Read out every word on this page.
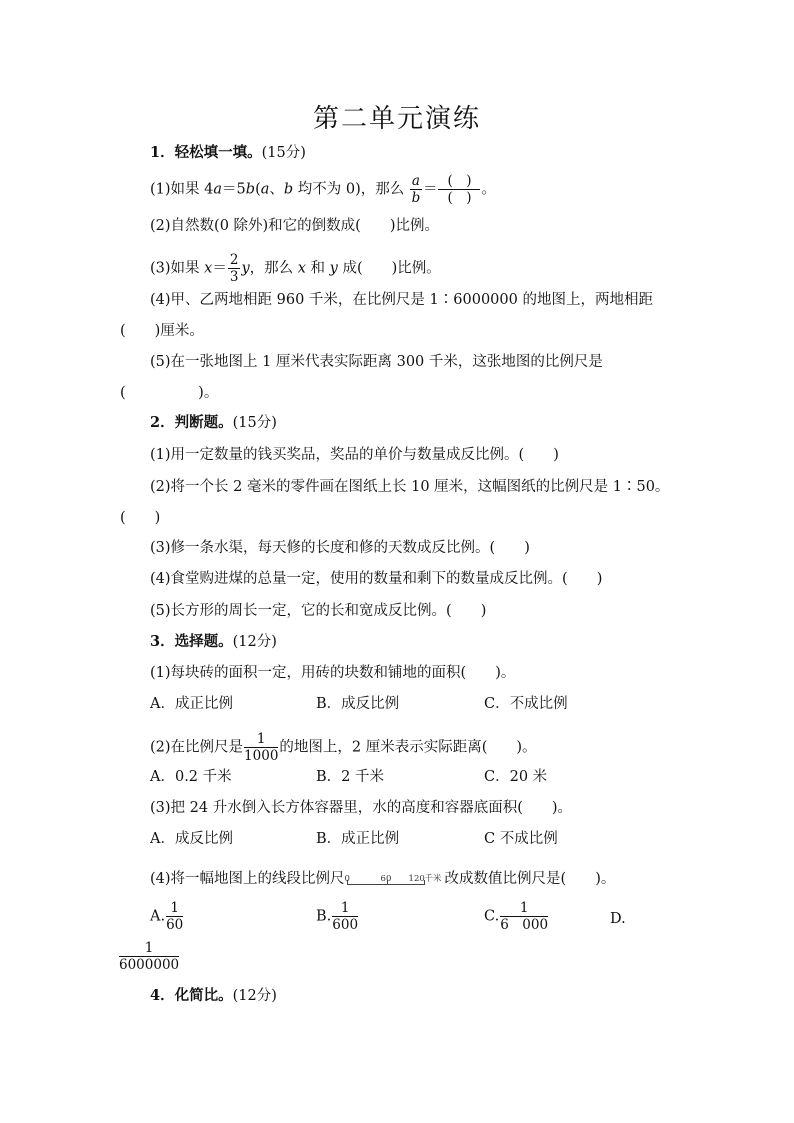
第二单元演练
1．轻松填一填。(15分)
(1)如果 4a＝5b(a、b 均不为 0)，那么 $\frac{a}{b} = \frac{( )}{( )}$ 。
(2)自然数(0 除外)和它的倒数成(　　)比例。
(3)如果 $x= \frac{2}{3}$ y，那么 x 和 y 成(　　)比例。
(4)甲、乙两地相距 960 千米，在比例尺是 1∶6000000 的地图上，两地相距
(　　)厘米。
(5)在一张地图上 1 厘米代表实际距离 300 千米，这张地图的比例尺是
(　　　　　)。
2．判断题。(15分)
(1)用一定数量的钱买奖品，奖品的单价与数量成反比例。(　　)
(2)将一个长 2 毫米的零件画在图纸上长 10 厘米，这幅图纸的比例尺是 1∶50。
(　　)
(3)修一条水渠，每天修的长度和修的天数成反比例。(　　)
(4)食堂购进煤的总量一定，使用的数量和剩下的数量成反比例。(　　)
(5)长方形的周长一定，它的长和宽成反比例。(　　)
3．选择题。(12分)
(1)每块砖的面积一定，用砖的块数和铺地的面积(　　)。
A．成正比例	B．成反比例	C．不成比例
(2)在比例尺是 $\frac{1}{1000}$ 的地图上，2 厘米表示实际距离(　　)。
A．0.2 千米	B．2 千米	C．20 米
(3)把 24 升水倒入长方体容器里，水的高度和容器底面积(　　)。
A．成反比例	B．成正比例	C 不成比例
(4)将一幅地图上的线段比例尺 0	60 120 千米 改成数值比例尺是(　　)。
A. $\frac{1}{60}$	B. $\frac{1}{600}$	C. $\frac{1}{6 000}$	D.
$\frac{1}{6000000}$
4．化简比。(12分)
